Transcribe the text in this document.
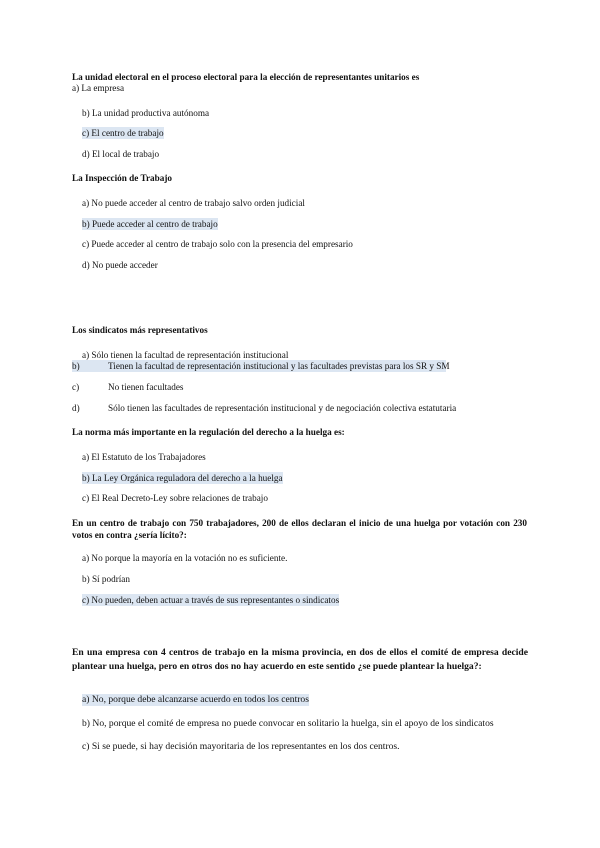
La unidad electoral en el proceso electoral para la elección de representantes unitarios es
a) La empresa
b) La unidad productiva autónoma
c) El centro de trabajo
d) El local de trabajo
La Inspección de Trabajo
a) No puede acceder al centro de trabajo salvo orden judicial
b) Puede acceder al centro de trabajo
c) Puede acceder al centro de trabajo solo con la presencia del empresario
d) No puede acceder
Los sindicatos más representativos
a) Sólo tienen la facultad de representación institucional
b)	Tienen la facultad de representación institucional y las facultades previstas para los SR y SM
c)	No tienen facultades
d)	Sólo tienen las facultades de representación institucional y de negociación colectiva estatutaria
La norma más importante en la regulación del derecho a la huelga es:
a) El Estatuto de los Trabajadores
b) La Ley Orgánica reguladora del derecho a la huelga
c) El Real Decreto-Ley sobre relaciones de trabajo
En un centro de trabajo con 750 trabajadores, 200 de ellos declaran el inicio de una huelga por votación con 230 votos en contra ¿sería lícito?:
a) No porque la mayoría en la votación no es suficiente.
b) Sí podrían
c) No pueden, deben actuar a través de sus representantes o sindicatos
En una empresa con 4 centros de trabajo en la misma provincia, en dos de ellos el comité de empresa decide plantear una huelga, pero en otros dos no hay acuerdo en este sentido ¿se puede plantear la huelga?:
a) No, porque debe alcanzarse acuerdo en todos los centros
b) No, porque el comité de empresa no puede convocar en solitario la huelga, sin el apoyo de los sindicatos
c) Si se puede, si hay decisión mayoritaria de los representantes en los dos centros.
